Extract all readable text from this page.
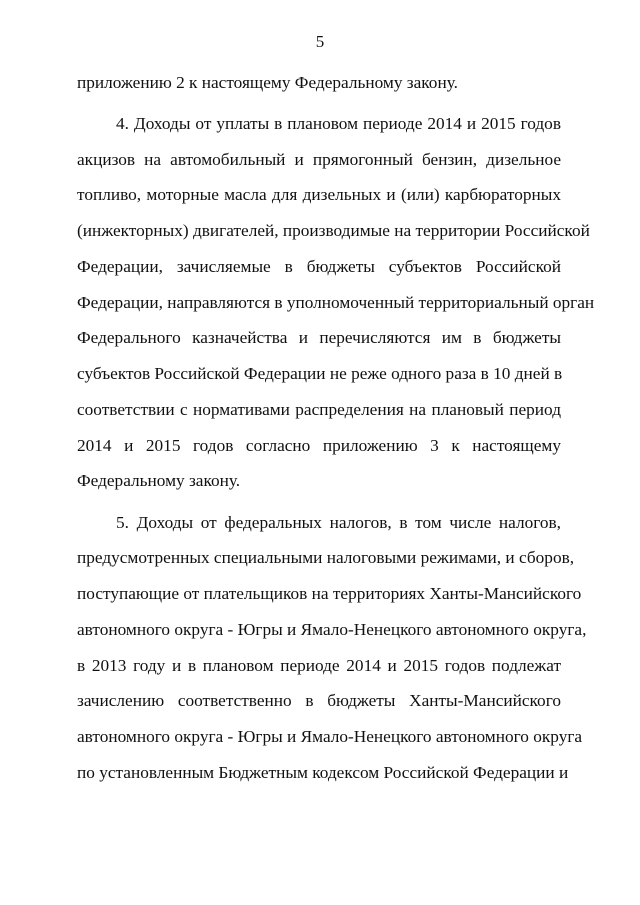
5
приложению 2 к настоящему Федеральному закону.
4. Доходы от уплаты в плановом периоде 2014 и 2015 годов
акцизов на автомобильный и прямогонный бензин, дизельное
топливо, моторные масла для дизельных и (или) карбюраторных
(инжекторных) двигателей, производимые на территории Российской
Федерации, зачисляемые в бюджеты субъектов Российской
Федерации, направляются в уполномоченный территориальный орган
Федерального казначейства и перечисляются им в бюджеты
субъектов Российской Федерации не реже одного раза в 10 дней в
соответствии с нормативами распределения на плановый период
2014 и 2015 годов согласно приложению 3 к настоящему
Федеральному закону.
5. Доходы от федеральных налогов, в том числе налогов,
предусмотренных специальными налоговыми режимами, и сборов,
поступающие от плательщиков на территориях Ханты-Мансийского
автономного округа - Югры и Ямало-Ненецкого автономного округа,
в 2013 году и в плановом периоде 2014 и 2015 годов подлежат
зачислению соответственно в бюджеты Ханты-Мансийского
автономного округа - Югры и Ямало-Ненецкого автономного округа
по установленным Бюджетным кодексом Российской Федерации и
